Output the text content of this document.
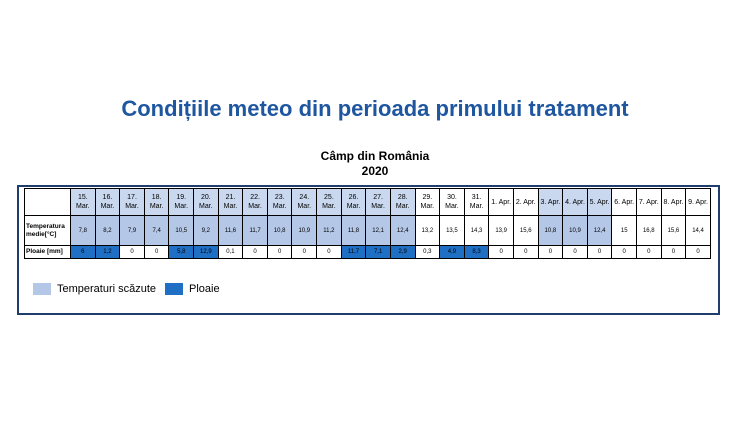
Condițiile meteo din perioada primului tratament
Câmp din România
2020
	15. Mar.	16. Mar.	17. Mar.	18. Mar.	19. Mar.	20. Mar.	21. Mar.	22. Mar.	23. Mar.	24. Mar.	25. Mar.	26. Mar.	27. Mar.	28. Mar.	29. Mar.	30. Mar.	31. Mar.	1. Apr.	2. Apr.	3. Apr.	4. Apr.	5. Apr.	6. Apr.	7. Apr.	8. Apr.	9. Apr.
Temperatura medie[°C]	7,8	8,2	7,9	7,4	10,5	9,2	11,6	11,7	10,8	10,9	11,2	11,8	12,1	12,4	13,2	13,5	14,3	13,9	15,6	10,8	10,9	12,4	15	16,8	15,6	14,4
Ploaie [mm]	6	1,2	0	0	5,8	12,9	0,1	0	0	0	0	11,7	7,1	2,9	0,3	4,9	8,3	0	0	0	0	0	0	0	0	0
Temperaturi scăzute	Ploaie
